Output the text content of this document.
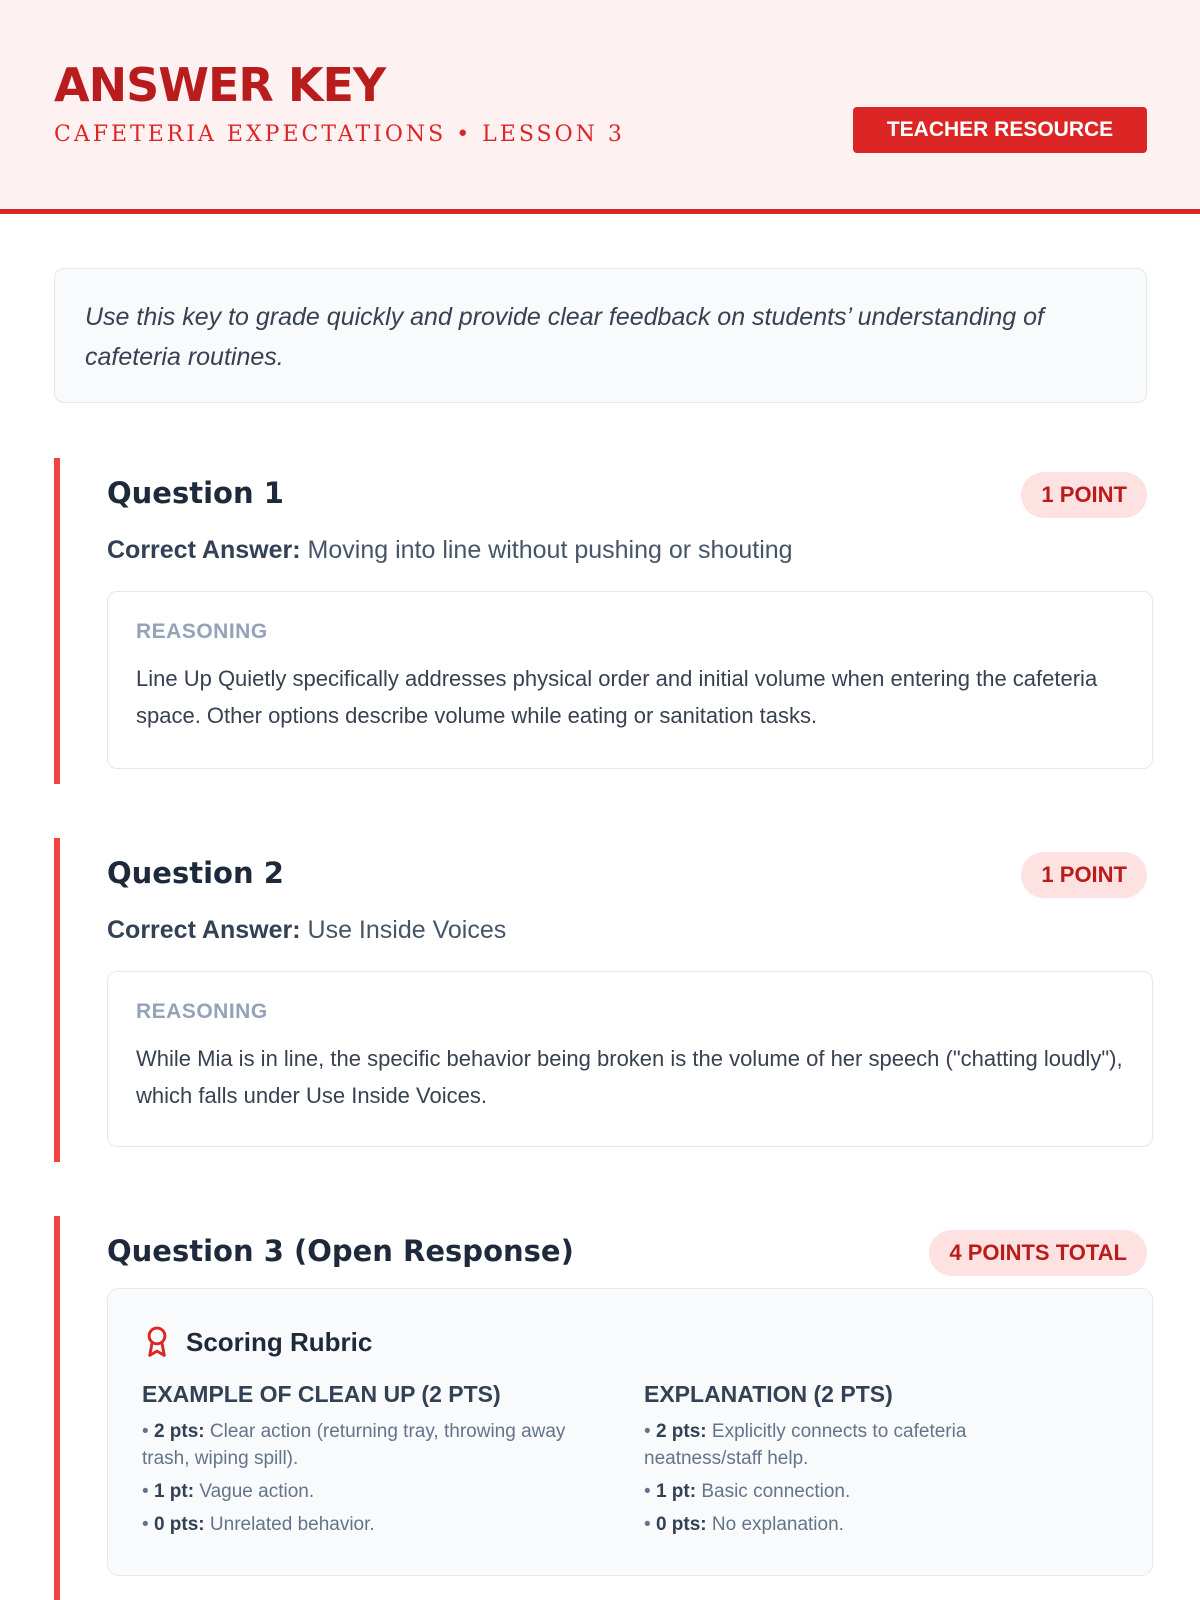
ANSWER KEY
CAFETERIA EXPECTATIONS • LESSON 3	TEACHER RESOURCE
Use this key to grade quickly and provide clear feedback on students’ understanding of cafeteria routines.
Question 1	1 POINT
Correct Answer: Moving into line without pushing or shouting
REASONING
Line Up Quietly specifically addresses physical order and initial volume when entering the cafeteria space. Other options describe volume while eating or sanitation tasks.
Question 2	1 POINT
Correct Answer: Use Inside Voices
REASONING
While Mia is in line, the specific behavior being broken is the volume of her speech ("chatting loudly"), which falls under Use Inside Voices.
Question 3 (Open Response)	4 POINTS TOTAL
Scoring Rubric
EXAMPLE OF CLEAN UP (2 PTS)
• 2 pts: Clear action (returning tray, throwing away trash, wiping spill).
• 1 pt: Vague action.
• 0 pts: Unrelated behavior.
EXPLANATION (2 PTS)
• 2 pts: Explicitly connects to cafeteria neatness/staff help.
• 1 pt: Basic connection.
• 0 pts: No explanation.
